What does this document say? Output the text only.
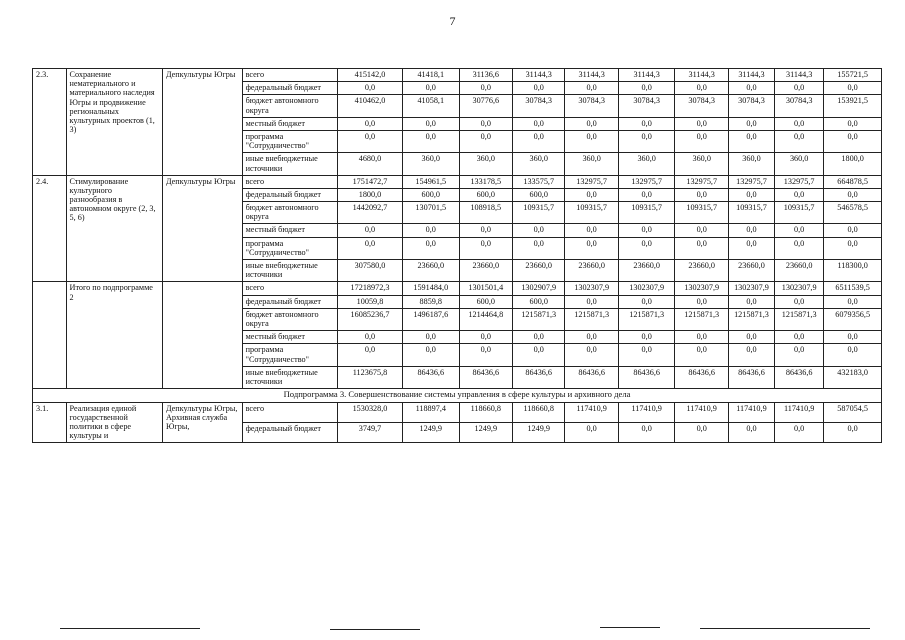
7
2.3.	Сохранение нематериального и материального наследия Югры и продвижение региональных культурных проектов (1, 3)	Депкультуры Югры	всего	415142,0	41418,1	31136,6	31144,3	31144,3	31144,3	31144,3	31144,3	31144,3	155721,5
			федеральный бюджет	0,0	0,0	0,0	0,0	0,0	0,0	0,0	0,0	0,0	0,0
			бюджет автономного округа	410462,0	41058,1	30776,6	30784,3	30784,3	30784,3	30784,3	30784,3	30784,3	153921,5
			местный бюджет	0,0	0,0	0,0	0,0	0,0	0,0	0,0	0,0	0,0	0,0
			программа "Сотрудничество"	0,0	0,0	0,0	0,0	0,0	0,0	0,0	0,0	0,0	0,0
			иные внебюджетные источники	4680,0	360,0	360,0	360,0	360,0	360,0	360,0	360,0	360,0	1800,0
2.4.	Стимулирование культурного разнообразия в автономном округе (2, 3, 5, 6)	Депкультуры Югры	всего	1751472,7	154961,5	133178,5	133575,7	132975,7	132975,7	132975,7	132975,7	132975,7	664878,5
			федеральный бюджет	1800,0	600,0	600,0	600,0	0,0	0,0	0,0	0,0	0,0	0,0
			бюджет автономного округа	1442092,7	130701,5	108918,5	109315,7	109315,7	109315,7	109315,7	109315,7	109315,7	546578,5
			местный бюджет	0,0	0,0	0,0	0,0	0,0	0,0	0,0	0,0	0,0	0,0
			программа "Сотрудничество"	0,0	0,0	0,0	0,0	0,0	0,0	0,0	0,0	0,0	0,0
			иные внебюджетные источники	307580,0	23660,0	23660,0	23660,0	23660,0	23660,0	23660,0	23660,0	23660,0	118300,0
	Итого по подпрограмме 2		всего	17218972,3	1591484,0	1301501,4	1302907,9	1302307,9	1302307,9	1302307,9	1302307,9	1302307,9	6511539,5
			федеральный бюджет	10059,8	8859,8	600,0	600,0	0,0	0,0	0,0	0,0	0,0	0,0
			бюджет автономного округа	16085236,7	1496187,6	1214464,8	1215871,3	1215871,3	1215871,3	1215871,3	1215871,3	1215871,3	6079356,5
			местный бюджет	0,0	0,0	0,0	0,0	0,0	0,0	0,0	0,0	0,0	0,0
			программа "Сотрудничество"	0,0	0,0	0,0	0,0	0,0	0,0	0,0	0,0	0,0	0,0
			иные внебюджетные источники	1123675,8	86436,6	86436,6	86436,6	86436,6	86436,6	86436,6	86436,6	86436,6	432183,0
Подпрограмма 3. Совершенствование системы управления в сфере культуры и архивного дела													
3.1.	Реализация единой государственной политики в сфере культуры и	Депкультуры Югры, Архивная служба Югры,	всего	1530328,0	118897,4	118660,8	118660,8	117410,9	117410,9	117410,9	117410,9	117410,9	587054,5
			федеральный бюджет	3749,7	1249,9	1249,9	1249,9	0,0	0,0	0,0	0,0	0,0	0,0
